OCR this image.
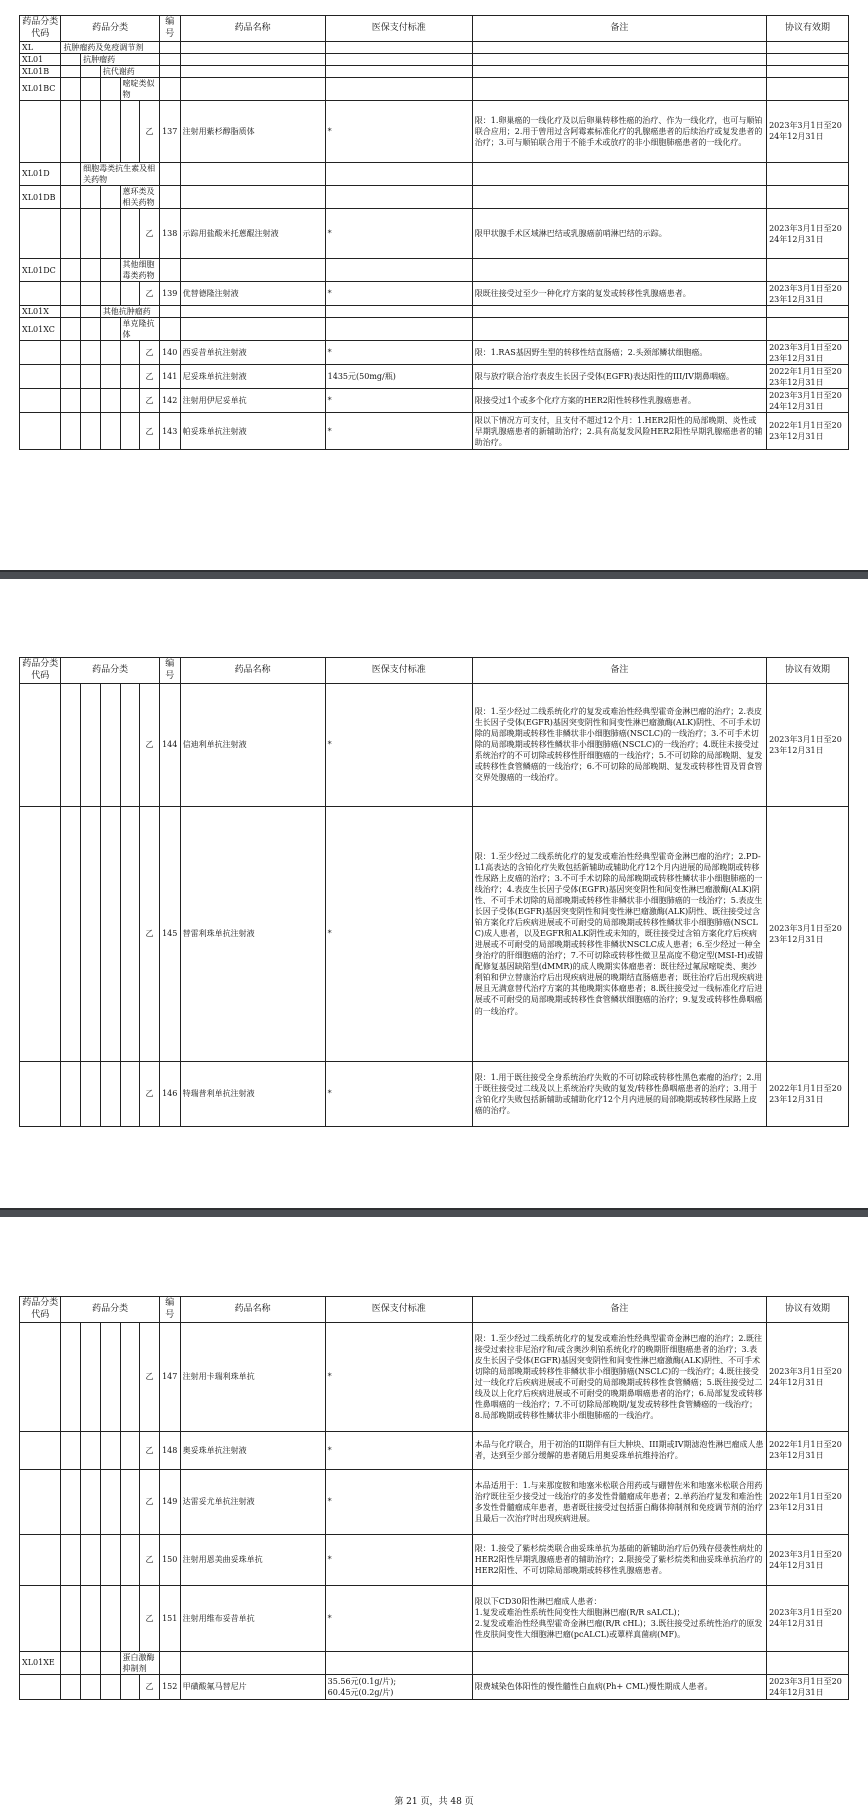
药品分类代码	药品分类					编号	药品名称	医保支付标准	备注	协议有效期
XL	抗肿瘤药及免疫调节剂									
XL01		抗肿瘤药								
XL01B			抗代谢药							
XL01BC				嘧啶类似物						
					乙	137	注射用紫杉醇脂质体	*	限：1.卵巢癌的一线化疗及以后卵巢转移性癌的治疗、作为一线化疗，也可与顺铂联合应用；2.用于曾用过含阿霉素标准化疗的乳腺癌患者的后续治疗或复发患者的治疗；3.可与顺铂联合用于不能手术或放疗的非小细胞肺癌患者的一线化疗。	2023年3月1日至2024年12月31日
XL01D		细胞毒类抗生素及相关药物								
XL01DB				蒽环类及相关药物						
					乙	138	示踪用盐酸米托蒽醌注射液	*	限甲状腺手术区域淋巴结或乳腺癌前哨淋巴结的示踪。	2023年3月1日至2024年12月31日
XL01DC				其他细胞毒类药物						
					乙	139	优替德隆注射液	*	限既往接受过至少一种化疗方案的复发或转移性乳腺癌患者。	2023年3月1日至2023年12月31日
XL01X			其他抗肿瘤药							
XL01XC				单克隆抗体						
					乙	140	西妥昔单抗注射液	*	限：1.RAS基因野生型的转移性结直肠癌；2.头颈部鳞状细胞癌。	2023年3月1日至2023年12月31日
					乙	141	尼妥珠单抗注射液	1435元(50mg/瓶)	限与放疗联合治疗表皮生长因子受体(EGFR)表达阳性的III/IV期鼻咽癌。	2022年1月1日至2023年12月31日
					乙	142	注射用伊尼妥单抗	*	限接受过1个或多个化疗方案的HER2阳性转移性乳腺癌患者。	2023年3月1日至2024年12月31日
					乙	143	帕妥珠单抗注射液	*	限以下情况方可支付，且支付不超过12个月：1.HER2阳性的局部晚期、炎性或早期乳腺癌患者的新辅助治疗；2.具有高复发风险HER2阳性早期乳腺癌患者的辅助治疗。	2022年1月1日至2023年12月31日
药品分类代码	药品分类					编号	药品名称	医保支付标准	备注	协议有效期
					乙	144	信迪利单抗注射液	*	限：1.至少经过二线系统化疗的复发或难治性经典型霍奇金淋巴瘤的治疗；2.表皮生长因子受体(EGFR)基因突变阴性和间变性淋巴瘤激酶(ALK)阴性、不可手术切除的局部晚期或转移性非鳞状非小细胞肺癌(NSCLC)的一线治疗；3.不可手术切除的局部晚期或转移性鳞状非小细胞肺癌(NSCLC)的一线治疗；4.既往未接受过系统治疗的不可切除或转移性肝细胞癌的一线治疗；5.不可切除的局部晚期、复发或转移性食管鳞癌的一线治疗；6.不可切除的局部晚期、复发或转移性胃及胃食管交界处腺癌的一线治疗。	2023年3月1日至2023年12月31日
					乙	145	替雷利珠单抗注射液	*	限：1.至少经过二线系统化疗的复发或难治性经典型霍奇金淋巴瘤的治疗；2.PD-L1高表达的含铂化疗失败包括新辅助或辅助化疗12个月内进展的局部晚期或转移性尿路上皮癌的治疗；3.不可手术切除的局部晚期或转移性鳞状非小细胞肺癌的一线治疗；4.表皮生长因子受体(EGFR)基因突变阴性和间变性淋巴瘤激酶(ALK)阴性、不可手术切除的局部晚期或转移性非鳞状非小细胞肺癌的一线治疗；5.表皮生长因子受体(EGFR)基因突变阴性和间变性淋巴瘤激酶(ALK)阴性、既往接受过含铂方案化疗后疾病进展或不可耐受的局部晚期或转移性鳞状非小细胞肺癌(NSCLC)成人患者，以及EGFR和ALK阴性或未知的，既往接受过含铂方案化疗后疾病进展或不可耐受的局部晚期或转移性非鳞状NSCLC成人患者；6.至少经过一种全身治疗的肝细胞癌的治疗；7.不可切除或转移性微卫星高度不稳定型(MSI-H)或错配修复基因缺陷型(dMMR)的成人晚期实体瘤患者：既往经过氟尿嘧啶类、奥沙利铂和伊立替康治疗后出现疾病进展的晚期结直肠癌患者；既往治疗后出现疾病进展且无满意替代治疗方案的其他晚期实体瘤患者；8.既往接受过一线标准化疗后进展或不可耐受的局部晚期或转移性食管鳞状细胞癌的治疗；9.复发或转移性鼻咽癌的一线治疗。	2023年3月1日至2023年12月31日
					乙	146	特瑞普利单抗注射液	*	限：1.用于既往接受全身系统治疗失败的不可切除或转移性黑色素瘤的治疗；2.用于既往接受过二线及以上系统治疗失败的复发/转移性鼻咽癌患者的治疗；3.用于含铂化疗失败包括新辅助或辅助化疗12个月内进展的局部晚期或转移性尿路上皮癌的治疗。	2022年1月1日至2023年12月31日
药品分类代码	药品分类					编号	药品名称	医保支付标准	备注	协议有效期
					乙	147	注射用卡瑞利珠单抗	*	限：1.至少经过二线系统化疗的复发或难治性经典型霍奇金淋巴瘤的治疗；2.既往接受过索拉非尼治疗和/或含奥沙利铂系统化疗的晚期肝细胞癌患者的治疗；3.表皮生长因子受体(EGFR)基因突变阴性和间变性淋巴瘤激酶(ALK)阴性、不可手术切除的局部晚期或转移性非鳞状非小细胞肺癌(NSCLC)的一线治疗；4.既往接受过一线化疗后疾病进展或不可耐受的局部晚期或转移性食管鳞癌；5.既往接受过二线及以上化疗后疾病进展或不可耐受的晚期鼻咽癌患者的治疗；6.局部复发或转移性鼻咽癌的一线治疗；7.不可切除局部晚期/复发或转移性食管鳞癌的一线治疗；8.局部晚期或转移性鳞状非小细胞肺癌的一线治疗。	2023年3月1日至2024年12月31日
					乙	148	奥妥珠单抗注射液	*	本品与化疗联合，用于初治的II期伴有巨大肿块、III期或IV期滤泡性淋巴瘤成人患者，达到至少部分缓解的患者随后用奥妥珠单抗维持治疗。	2022年1月1日至2023年12月31日
					乙	149	达雷妥尤单抗注射液	*	本品适用于：1.与来那度胺和地塞米松联合用药或与硼替佐米和地塞米松联合用药治疗既往至少接受过一线治疗的多发性骨髓瘤成年患者；2.单药治疗复发和难治性多发性骨髓瘤成年患者，患者既往接受过包括蛋白酶体抑制剂和免疫调节剂的治疗且最后一次治疗时出现疾病进展。	2022年1月1日至2023年12月31日
					乙	150	注射用恩美曲妥珠单抗	*	限：1.接受了紫杉烷类联合曲妥珠单抗为基础的新辅助治疗后仍残存侵袭性病灶的HER2阳性早期乳腺癌患者的辅助治疗；2.限接受了紫杉烷类和曲妥珠单抗治疗的HER2阳性、不可切除局部晚期或转移性乳腺癌患者。	2023年3月1日至2024年12月31日
					乙	151	注射用维布妥昔单抗	*	限以下CD30阳性淋巴瘤成人患者：
1.复发或难治性系统性间变性大细胞淋巴瘤(R/R sALCL)；
2.复发或难治性经典型霍奇金淋巴瘤(R/R cHL)；3.既往接受过系统性治疗的原发性皮肤间变性大细胞淋巴瘤(pcALCL)或蕈样真菌病(MF)。	2023年3月1日至2024年12月31日
XL01XE				蛋白激酶抑制剂						
					乙	152	甲磺酸氟马替尼片	35.56元(0.1g/片);
60.45元(0.2g/片)	限费城染色体阳性的慢性髓性白血病(Ph+ CML)慢性期成人患者。	2023年3月1日至2024年12月31日
第 21 页，共 48 页
